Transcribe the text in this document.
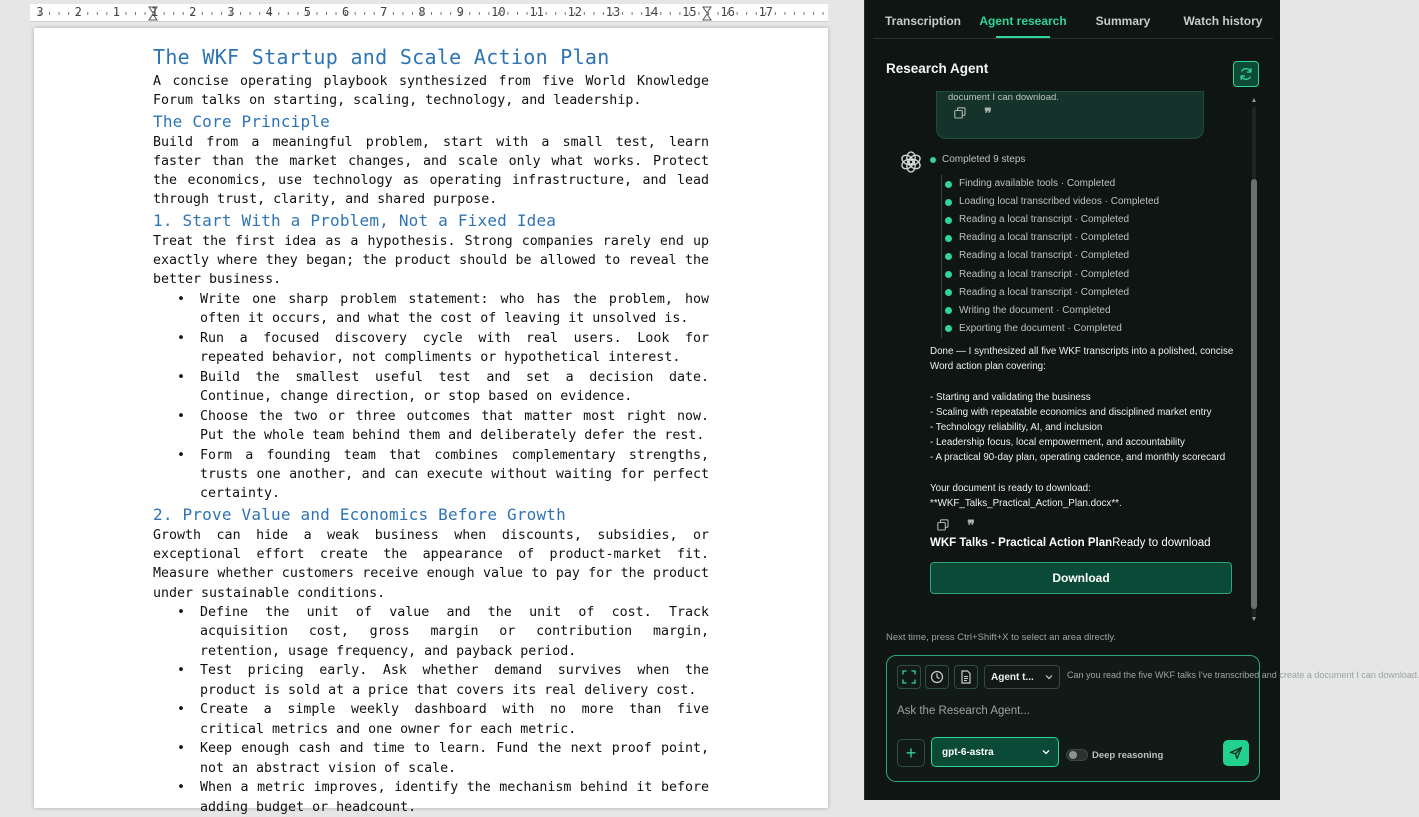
3	2	1	1	2	3	4	5	6	7	8	9 10 11 12 13 14 15 16 17
The WKF Startup and Scale Action Plan
A concise operating playbook synthesized from five World Knowledge Forum talks on starting, scaling, technology, and leadership.
The Core Principle
Build from a meaningful problem, start with a small test, learn faster than the market changes, and scale only what works. Protect the economics, use technology as operating infrastructure, and lead through trust, clarity, and shared purpose.
1. Start With a Problem, Not a Fixed Idea
Treat the first idea as a hypothesis. Strong companies rarely end up exactly where they began; the product should be allowed to reveal the better business.
• Write one sharp problem statement: who has the problem, how often it occurs, and what the cost of leaving it unsolved is.
• Run a focused discovery cycle with real users. Look for repeated behavior, not compliments or hypothetical interest.
• Build the smallest useful test and set a decision date. Continue, change direction, or stop based on evidence.
• Choose the two or three outcomes that matter most right now. Put the whole team behind them and deliberately defer the rest.
• Form a founding team that combines complementary strengths, trusts one another, and can execute without waiting for perfect certainty.
2. Prove Value and Economics Before Growth
Growth can hide a weak business when discounts, subsidies, or exceptional effort create the appearance of product-market fit. Measure whether customers receive enough value to pay for the product under sustainable conditions.
• Define the unit of value and the unit of cost. Track acquisition cost, gross margin or contribution margin, retention, usage frequency, and payback period.
• Test pricing early. Ask whether demand survives when the product is sold at a price that covers its real delivery cost.
• Create a simple weekly dashboard with no more than five critical metrics and one owner for each metric.
• Keep enough cash and time to learn. Fund the next proof point, not an abstract vision of scale.
• When a metric improves, identify the mechanism behind it before adding budget or headcount.
Transcription	Agent research	Summary	Watch history
Research Agent
document I can download.
❞
Completed 9 steps
Finding available tools · Completed
Loading local transcribed videos · Completed
Reading a local transcript · Completed
Reading a local transcript · Completed
Reading a local transcript · Completed
Reading a local transcript · Completed
Reading a local transcript · Completed
Writing the document · Completed
Exporting the document · Completed
Done — I synthesized all five WKF transcripts into a polished, concise Word action plan covering:

- Starting and validating the business
- Scaling with repeatable economics and disciplined market entry
- Technology reliability, AI, and inclusion
- Leadership focus, local empowerment, and accountability
- A practical 90-day plan, operating cadence, and monthly scorecard

Your document is ready to download:
**WKF_Talks_Practical_Action_Plan.docx**.
❞
WKF Talks - Practical Action PlanReady to download
Download
▲
▼
Next time, press Ctrl+Shift+X to select an area directly.
Agent t...	Can you read the five WKF talks I've transcribed and create a document I can download.
Ask the Research Agent...
+	gpt-6-astra	Deep reasoning
